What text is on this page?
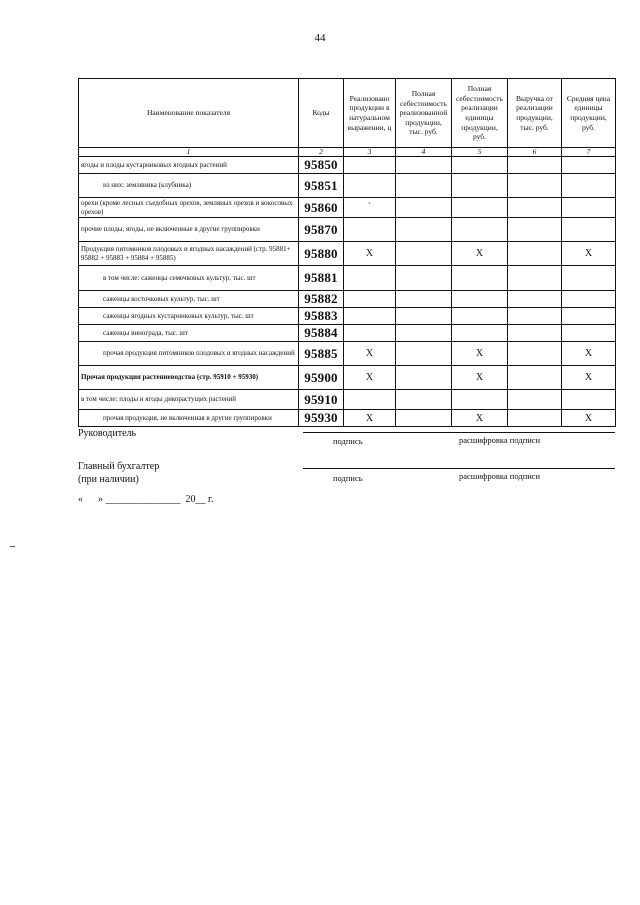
44
Наименование показателя	Коды	Реализовано продукции в натуральном выражении, ц	Полная себестоимость реализованной продукции, тыс. руб.	Полная себестоимость реализации единицы продукции, руб.	Выручка от реализации продукции, тыс. руб.	Средняя цена единицы продукции, руб.
1	2	3	4	5	6	7
ягоды и плоды кустарниковых ягодных растений	95850					
из них: земляника (клубника)	95851					
орехи (кроме лесных съедобных орехов, земляных орехов и кокосовых орехов)	95860	`				
прочие плоды, ягоды, не включенные в другие группировки	95870					
Продукция питомников плодовых и ягодных насаждений (стр. 95881+ 95882 + 95883 + 95884 + 95885)	95880	X		X		X
в том числе: саженцы семечковых культур, тыс. шт	95881					
саженцы косточковых культур, тыс. шт	95882					
саженцы ягодных кустарниковых культур, тыс. шт	95883					
саженцы винограда, тыс. шт	95884					
прочая продукция питомников плодовых и ягодных насаждений	95885	X		X		X
Прочая продукция растениеводства (стр. 95910 + 95930)	95900	X		X		X
в том числе: плоды и ягоды дикорастущих растений	95910					
прочая продукция, не включенная в другие группировки	95930	X		X		X
Руководитель
подпись	расшифровка подписи
Главный бухгалтер
(при наличии)	подпись	расшифровка подписи
«      » _______________  20__ г.
